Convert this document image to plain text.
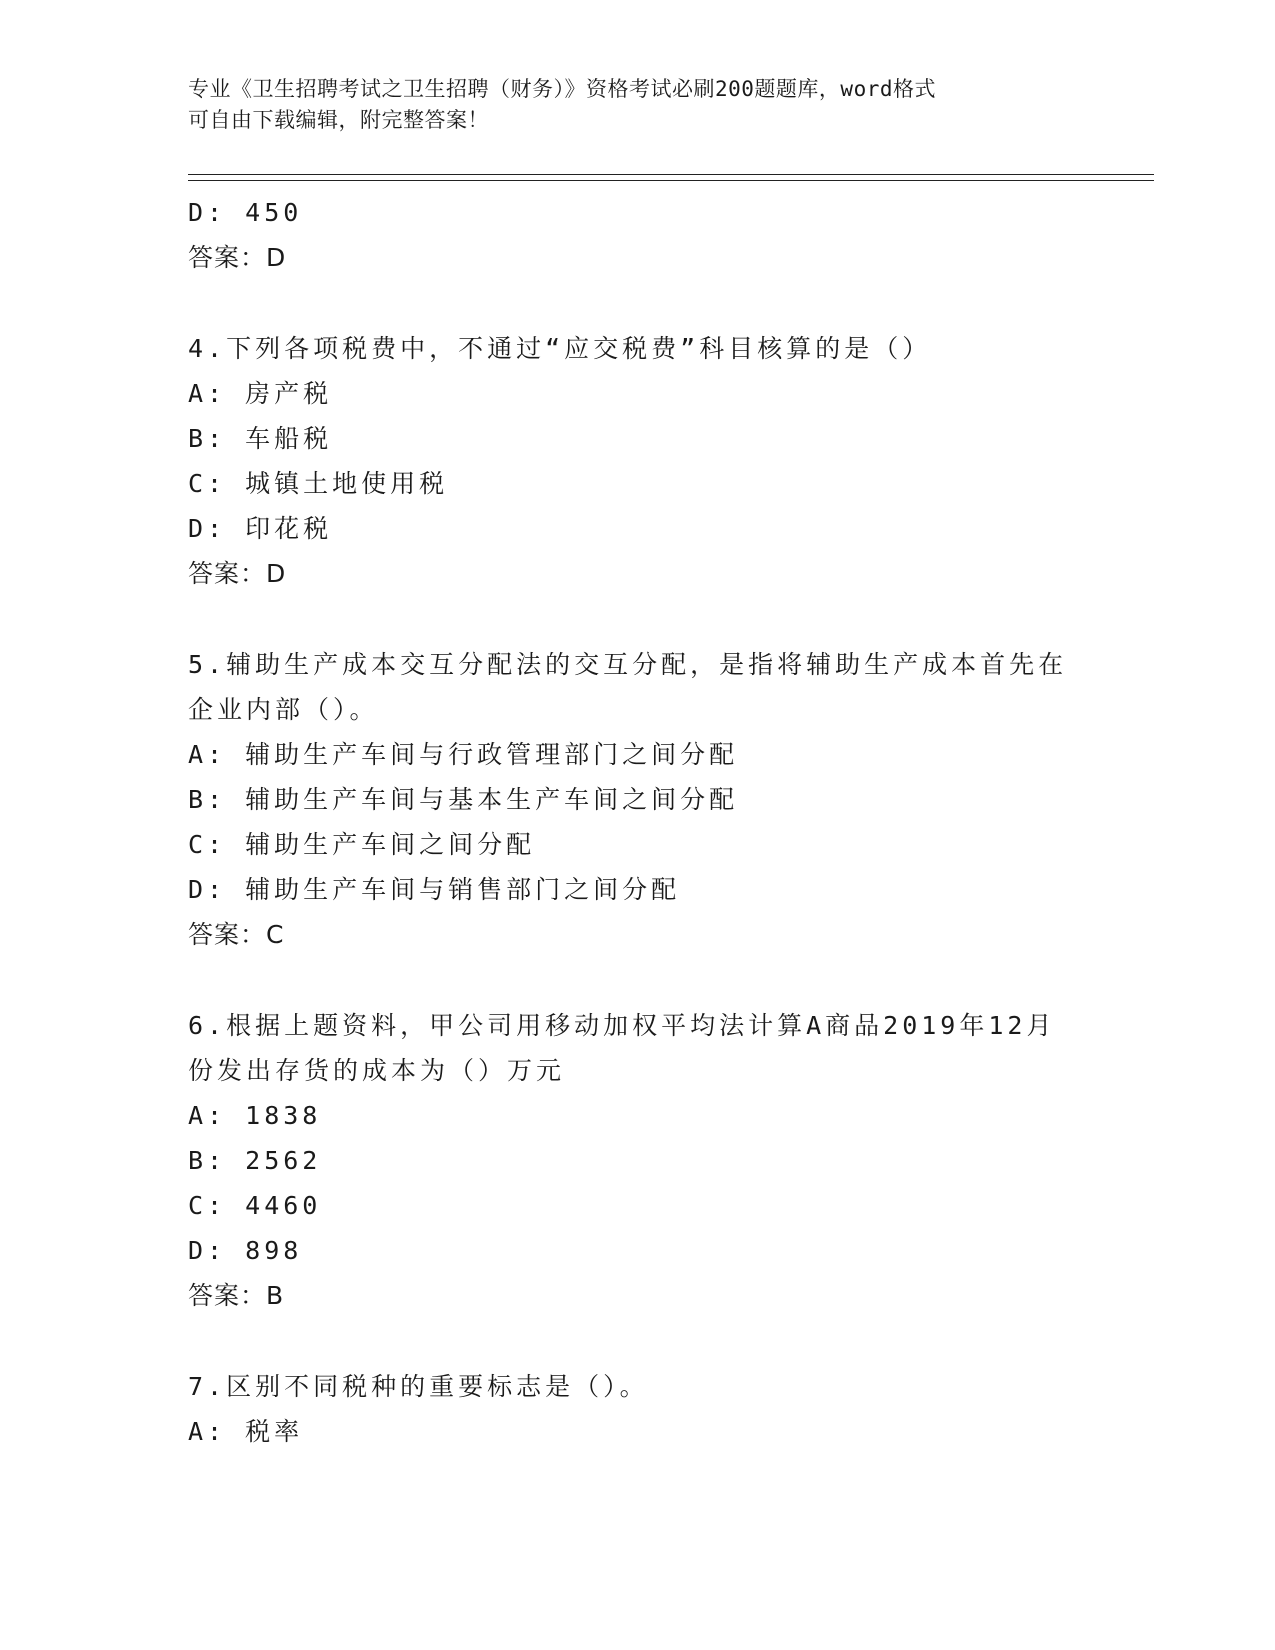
专业《卫生招聘考试之卫生招聘（财务）》资格考试必刷200题题库，word格式
可自由下载编辑，附完整答案！
D: 450
答案：D
4.下列各项税费中，不通过“应交税费”科目核算的是（）
A: 房产税
B: 车船税
C: 城镇土地使用税
D: 印花税
答案：D
5.辅助生产成本交互分配法的交互分配，是指将辅助生产成本首先在
企业内部（）。
A: 辅助生产车间与行政管理部门之间分配
B: 辅助生产车间与基本生产车间之间分配
C: 辅助生产车间之间分配
D: 辅助生产车间与销售部门之间分配
答案：C
6.根据上题资料，甲公司用移动加权平均法计算A商品2019年12月
份发出存货的成本为（）万元
A: 1838
B: 2562
C: 4460
D: 898
答案：B
7.区别不同税种的重要标志是（）。
A: 税率
